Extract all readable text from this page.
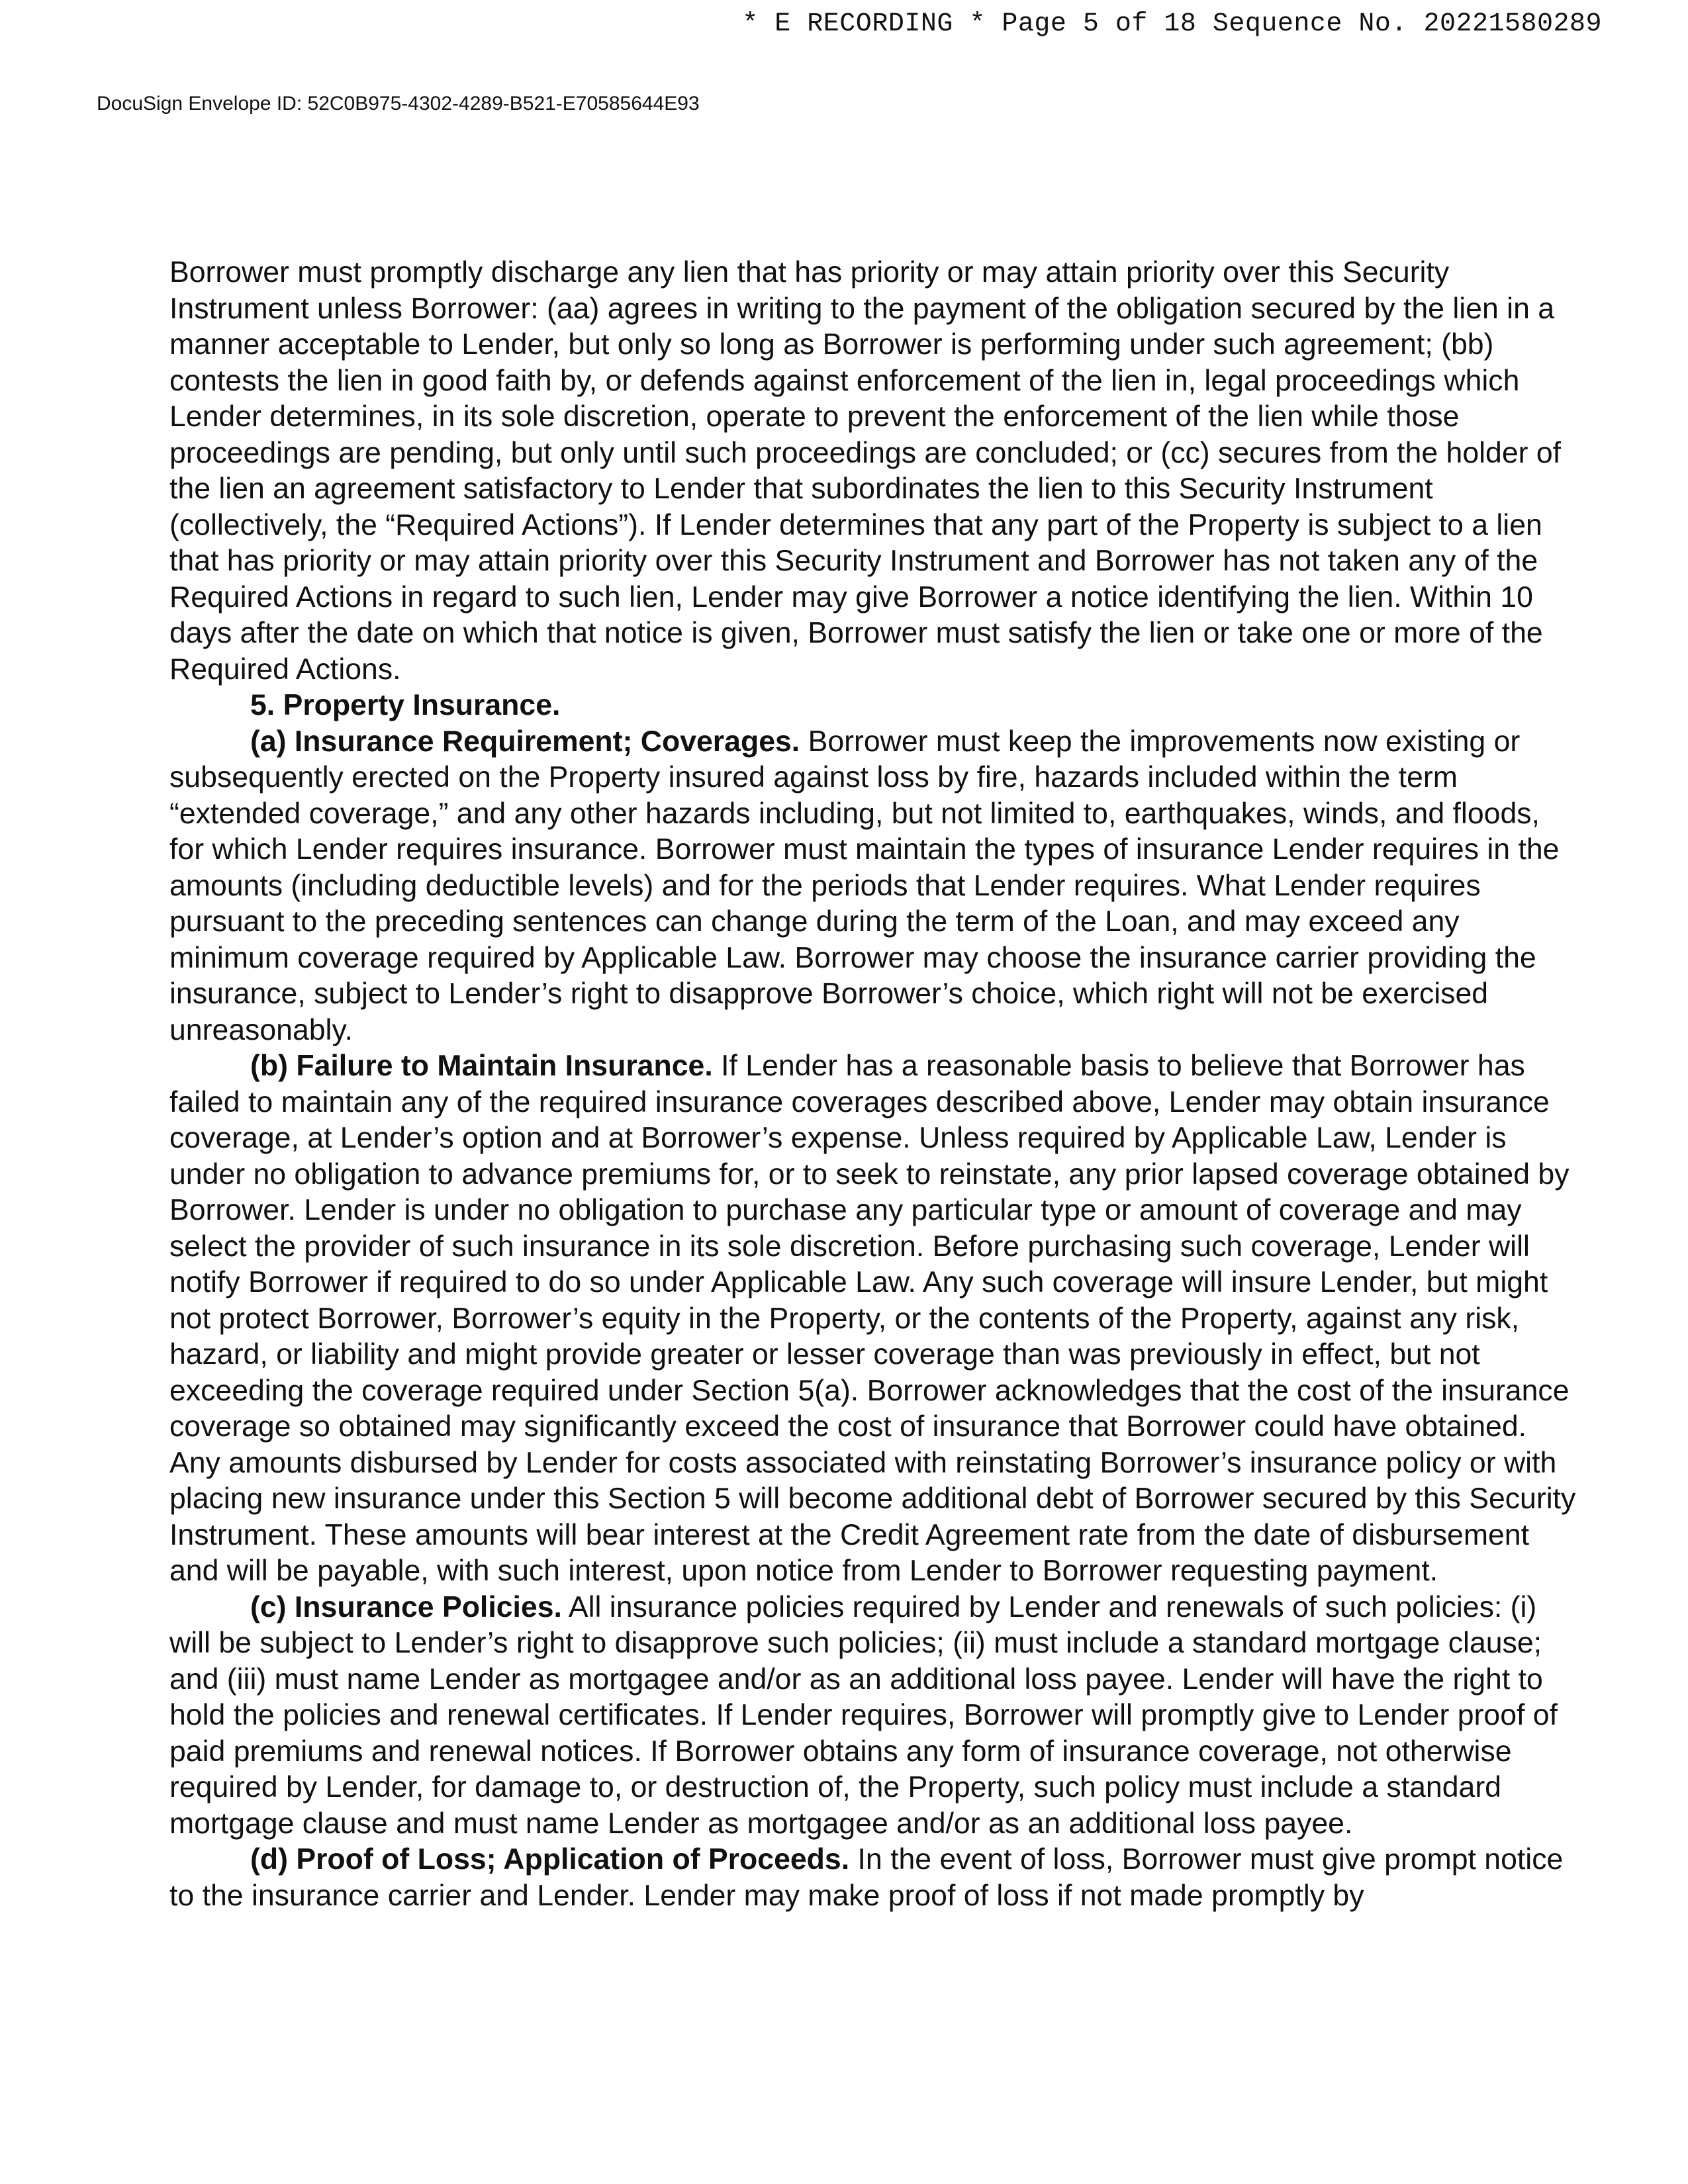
* E RECORDING * Page 5 of 18 Sequence No. 20221580289
DocuSign Envelope ID: 52C0B975-4302-4289-B521-E70585644E93

Borrower must promptly discharge any lien that has priority or may attain priority over this Security Instrument unless Borrower: (aa) agrees in writing to the payment of the obligation secured by the lien in a manner acceptable to Lender, but only so long as Borrower is performing under such agreement; (bb) contests the lien in good faith by, or defends against enforcement of the lien in, legal proceedings which Lender determines, in its sole discretion, operate to prevent the enforcement of the lien while those proceedings are pending, but only until such proceedings are concluded; or (cc) secures from the holder of the lien an agreement satisfactory to Lender that subordinates the lien to this Security Instrument (collectively, the “Required Actions”). If Lender determines that any part of the Property is subject to a lien that has priority or may attain priority over this Security Instrument and Borrower has not taken any of the Required Actions in regard to such lien, Lender may give Borrower a notice identifying the lien. Within 10 days after the date on which that notice is given, Borrower must satisfy the lien or take one or more of the Required Actions.

5. Property Insurance.

(a) Insurance Requirement; Coverages. Borrower must keep the improvements now existing or subsequently erected on the Property insured against loss by fire, hazards included within the term “extended coverage,” and any other hazards including, but not limited to, earthquakes, winds, and floods, for which Lender requires insurance. Borrower must maintain the types of insurance Lender requires in the amounts (including deductible levels) and for the periods that Lender requires. What Lender requires pursuant to the preceding sentences can change during the term of the Loan, and may exceed any minimum coverage required by Applicable Law. Borrower may choose the insurance carrier providing the insurance, subject to Lender’s right to disapprove Borrower’s choice, which right will not be exercised unreasonably.

(b) Failure to Maintain Insurance. If Lender has a reasonable basis to believe that Borrower has failed to maintain any of the required insurance coverages described above, Lender may obtain insurance coverage, at Lender’s option and at Borrower’s expense. Unless required by Applicable Law, Lender is under no obligation to advance premiums for, or to seek to reinstate, any prior lapsed coverage obtained by Borrower. Lender is under no obligation to purchase any particular type or amount of coverage and may select the provider of such insurance in its sole discretion. Before purchasing such coverage, Lender will notify Borrower if required to do so under Applicable Law. Any such coverage will insure Lender, but might not protect Borrower, Borrower’s equity in the Property, or the contents of the Property, against any risk, hazard, or liability and might provide greater or lesser coverage than was previously in effect, but not exceeding the coverage required under Section 5(a). Borrower acknowledges that the cost of the insurance coverage so obtained may significantly exceed the cost of insurance that Borrower could have obtained. Any amounts disbursed by Lender for costs associated with reinstating Borrower’s insurance policy or with placing new insurance under this Section 5 will become additional debt of Borrower secured by this Security Instrument. These amounts will bear interest at the Credit Agreement rate from the date of disbursement and will be payable, with such interest, upon notice from Lender to Borrower requesting payment.

(c) Insurance Policies. All insurance policies required by Lender and renewals of such policies: (i) will be subject to Lender’s right to disapprove such policies; (ii) must include a standard mortgage clause; and (iii) must name Lender as mortgagee and/or as an additional loss payee. Lender will have the right to hold the policies and renewal certificates. If Lender requires, Borrower will promptly give to Lender proof of paid premiums and renewal notices. If Borrower obtains any form of insurance coverage, not otherwise required by Lender, for damage to, or destruction of, the Property, such policy must include a standard mortgage clause and must name Lender as mortgagee and/or as an additional loss payee.

(d) Proof of Loss; Application of Proceeds. In the event of loss, Borrower must give prompt notice to the insurance carrier and Lender. Lender may make proof of loss if not made promptly by
